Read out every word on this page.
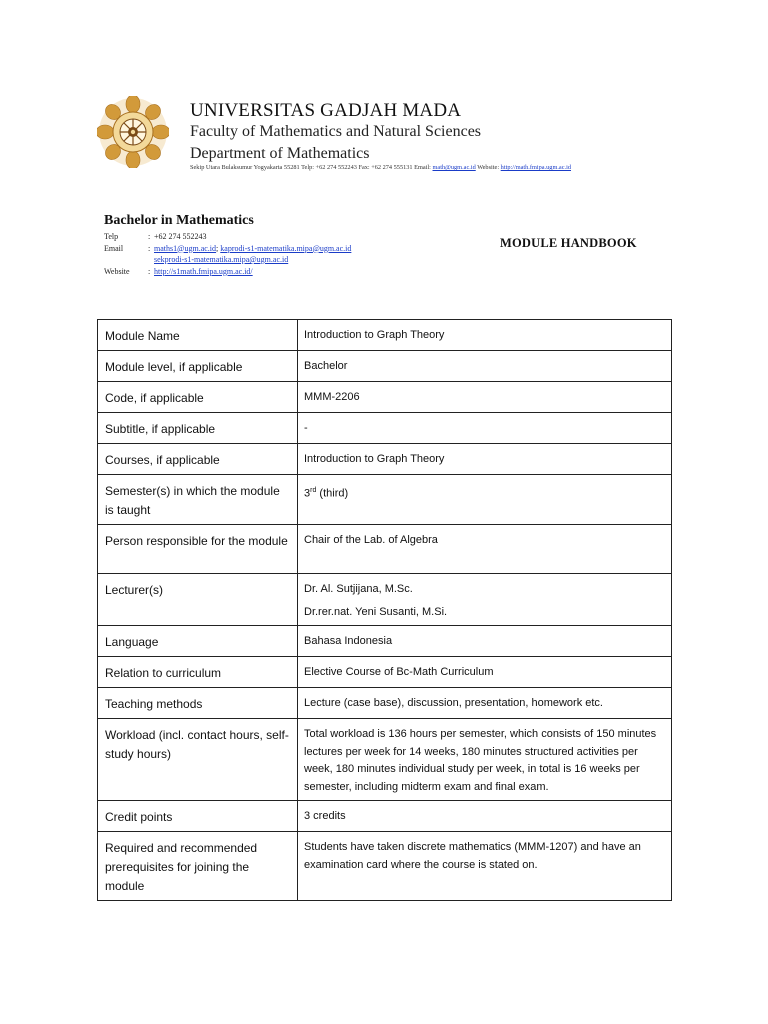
UNIVERSITAS GADJAH MADA
Faculty of Mathematics and Natural Sciences
Department of Mathematics
Sekip Utara Bulaksumur Yogyakarta 55281 Telp: +62 274 552243 Fax: +62 274 555131 Email: math@ugm.ac.id Website: http://math.fmipa.ugm.ac.id
Bachelor in Mathematics
Telp	: +62 274 552243
Email	: maths1@ugm.ac.id; kaprodi-s1-matematika.mipa@ugm.ac.id
sekprodi-s1-matematika.mipa@ugm.ac.id
Website	: http://s1math.fmipa.ugm.ac.id/
MODULE HANDBOOK
Module Name	Introduction to Graph Theory
Module level, if applicable	Bachelor
Code, if applicable	MMM-2206
Subtitle, if applicable	-
Courses, if applicable	Introduction to Graph Theory
Semester(s) in which the module is taught	3rd (third)
Person responsible for the module	Chair of the Lab. of Algebra
Lecturer(s)	Dr. Al. Sutjijana, M.Sc.

Dr.rer.nat. Yeni Susanti, M.Si.

Language	Bahasa Indonesia
Relation to curriculum	Elective Course of Bc-Math Curriculum
Teaching methods	Lecture (case base), discussion, presentation, homework etc.
Workload (incl. contact hours, self-study hours)	Total workload is 136 hours per semester, which consists of 150 minutes lectures per week for 14 weeks, 180 minutes structured activities per week, 180 minutes individual study per week, in total is 16 weeks per semester, including midterm exam and final exam.
Credit points	3 credits
Required and recommended prerequisites for joining the module	Students have taken discrete mathematics (MMM-1207) and have an examination card where the course is stated on.
